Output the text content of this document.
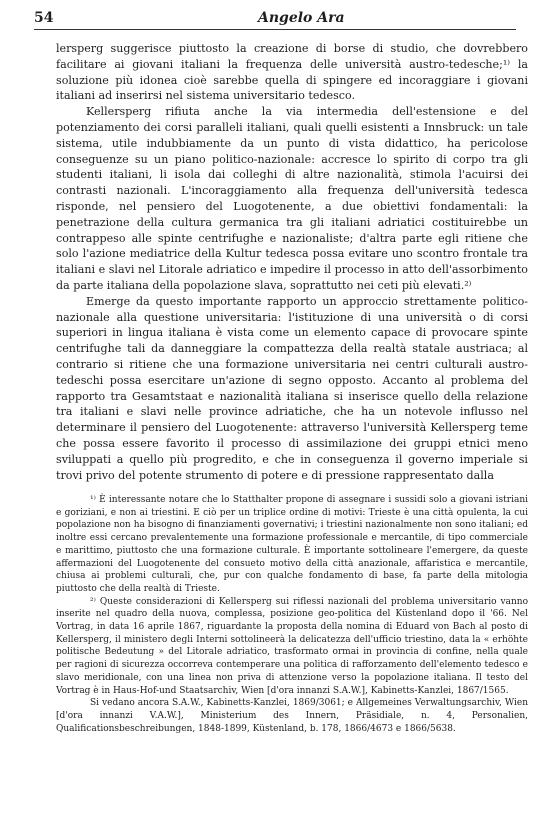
54	Angelo Ara

lersperg suggerisce piuttosto la creazione di borse di studio, che dovrebbero facilitare ai giovani italiani la frequenza delle università austro-tedesche;¹⁾ la soluzione più idonea cioè sarebbe quella di spingere ed incoraggiare i giovani italiani ad inserirsi nel sistema universitario tedesco.

Kellersperg rifiuta anche la via intermedia dell'estensione e del potenziamento dei corsi paralleli italiani, quali quelli esistenti a Innsbruck: un tale sistema, utile indubbiamente da un punto di vista didattico, ha pericolose conseguenze su un piano politico-nazionale: accresce lo spirito di corpo tra gli studenti italiani, li isola dai colleghi di altre nazionalità, stimola l'acuirsi dei contrasti nazionali. L'incoraggiamento alla frequenza dell'università tedesca risponde, nel pensiero del Luogotenente, a due obiettivi fondamentali: la penetrazione della cultura germanica tra gli italiani adriatici costituirebbe un contrappeso alle spinte centrifughe e nazionaliste; d'altra parte egli ritiene che solo l'azione mediatrice della Kultur tedesca possa evitare uno scontro frontale tra italiani e slavi nel Litorale adriatico e impedire il processo in atto dell'assorbimento da parte italiana della popolazione slava, soprattutto nei ceti più elevati.²⁾

Emerge da questo importante rapporto un approccio strettamente politico-nazionale alla questione universitaria: l'istituzione di una università o di corsi superiori in lingua italiana è vista come un elemento capace di provocare spinte centrifughe tali da danneggiare la compattezza della realtà statale austriaca; al contrario si ritiene che una formazione universitaria nei centri culturali austro-tedeschi possa esercitare un'azione di segno opposto. Accanto al problema del rapporto tra Gesamtstaat e nazionalità italiana si inserisce quello della relazione tra italiani e slavi nelle province adriatiche, che ha un notevole influsso nel determinare il pensiero del Luogotenente: attraverso l'università Kellersperg teme che possa essere favorito il processo di assimilazione dei gruppi etnici meno sviluppati a quello più progredito, e che in conseguenza il governo imperiale si trovi privo del potente strumento di potere e di pressione rappresentato dalla

¹⁾ È interessante notare che lo Statthalter propone di assegnare i sussidi solo a giovani istriani e goriziani, e non ai triestini. E ciò per un triplice ordine di motivi: Trieste è una città opulenta, la cui popolazione non ha bisogno di finanziamenti governativi; i triestini nazionalmente non sono italiani; ed inoltre essi cercano prevalentemente una formazione professionale e mercantile, di tipo commerciale e marittimo, piuttosto che una formazione culturale. È importante sottolineare l'emergere, da queste affermazioni del Luogotenente del consueto motivo della città anazionale, affaristica e mercantile, chiusa ai problemi culturali, che, pur con qualche fondamento di base, fa parte della mitologia piuttosto che della realtà di Trieste.

²⁾ Queste considerazioni di Kellersperg sui riflessi nazionali del problema universitario vanno inserite nel quadro della nuova, complessa, posizione geo-politica del Küstenland dopo il '66. Nel Vortrag, in data 16 aprile 1867, riguardante la proposta della nomina di Eduard von Bach al posto di Kellersperg, il ministero degli Interni sottolineerà la delicatezza dell'ufficio triestino, data la « erhöhte politische Bedeutung » del Litorale adriatico, trasformato ormai in provincia di confine, nella quale per ragioni di sicurezza occorreva contemperare una politica di rafforzamento dell'elemento tedesco e slavo meridionale, con una linea non priva di attenzione verso la popolazione italiana. Il testo del Vortrag è in Haus-Hof-und Staatsarchiv, Wien [d'ora innanzi S.A.W.], Kabinetts-Kanzlei, 1867/1565.

Si vedano ancora S.A.W., Kabinetts-Kanzlei, 1869/3061; e Allgemeines Verwaltungsarchiv, Wien [d'ora innanzi V.A.W.], Ministerium des Innern, Präsidiale, n. 4, Personalien, Qualificationsbeschreibungen, 1848-1899, Küstenland, b. 178, 1866/4673 e 1866/5638.
